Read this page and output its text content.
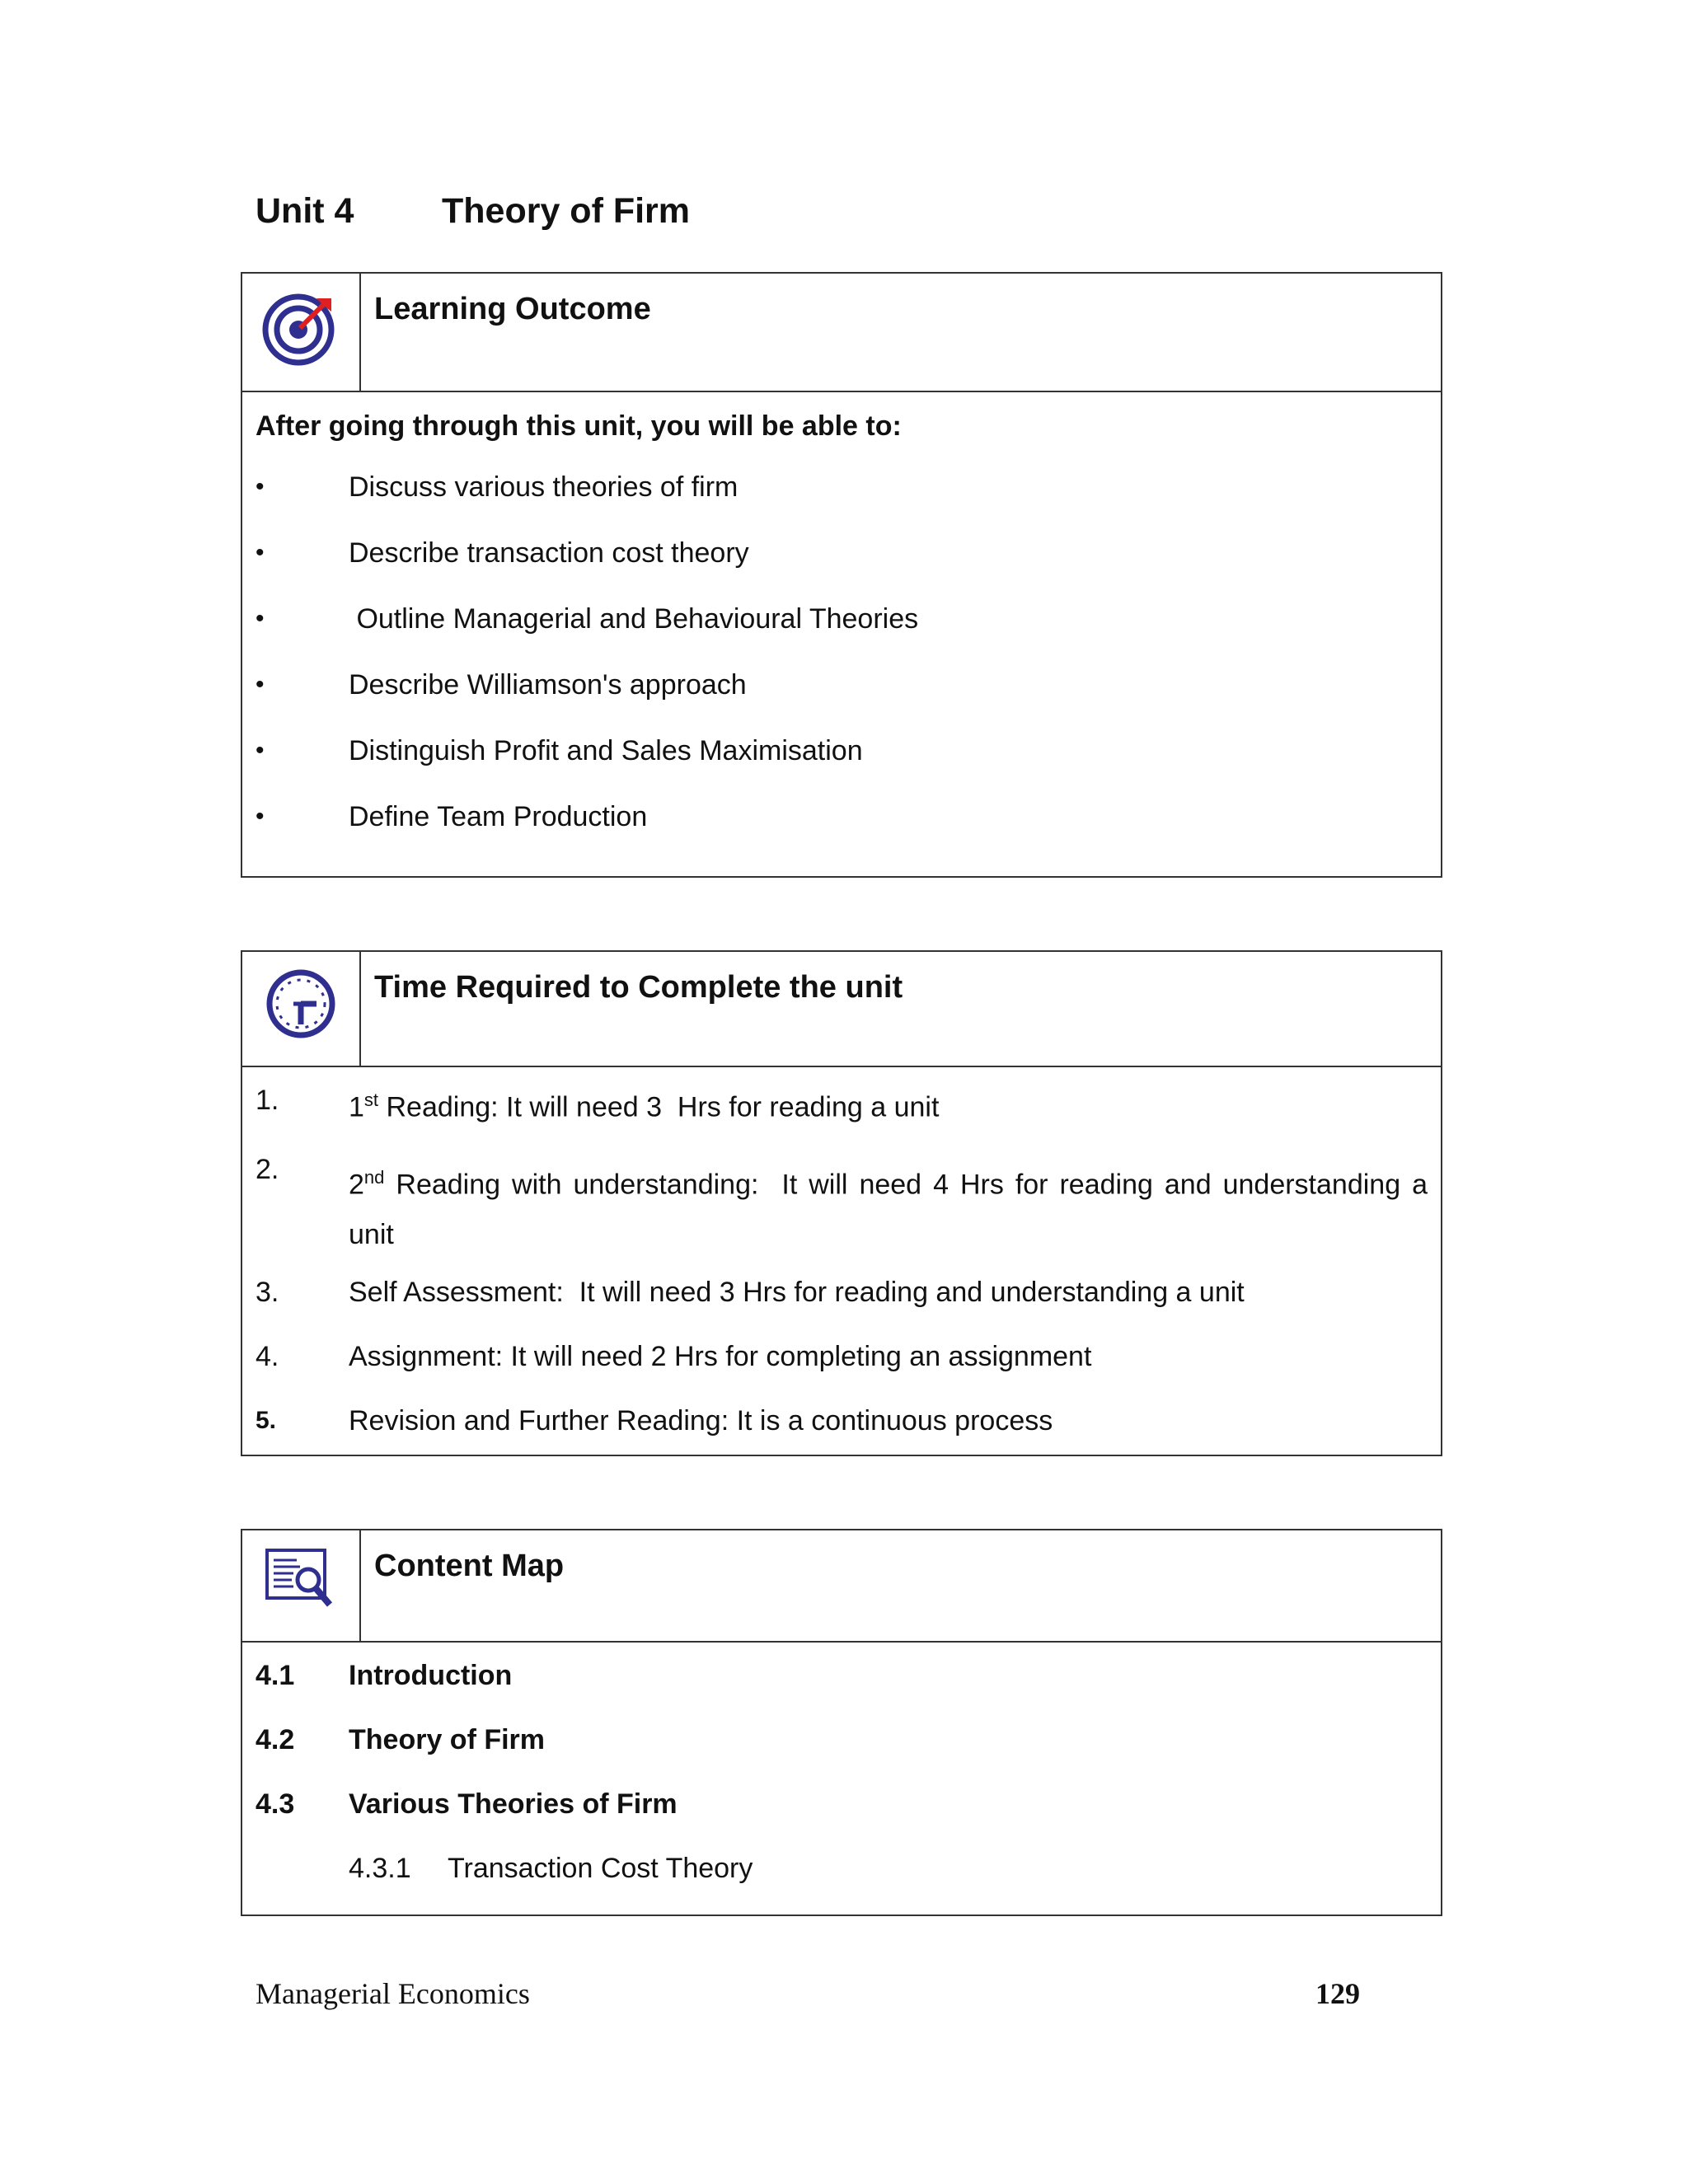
Unit 4 Theory of Firm
Learning Outcome
After going through this unit, you will be able to:
•	Discuss various theories of firm
•	Describe transaction cost theory
•	Outline Managerial and Behavioural Theories
•	Describe Williamson's approach
•	Distinguish Profit and Sales Maximisation
•	Define Team Production
Time Required to Complete the unit
1.	1st Reading: It will need 3  Hrs for reading a unit
2.	2nd Reading with understanding:  It will need 4 Hrs for reading and understanding a unit
3.	Self Assessment:  It will need 3 Hrs for reading and understanding a unit
4.	Assignment: It will need 2 Hrs for completing an assignment
5.	Revision and Further Reading: It is a continuous process
Content Map
4.1	Introduction
4.2	Theory of Firm
4.3	Various Theories of Firm
4.3.1	Transaction Cost Theory
Managerial Economics	129
